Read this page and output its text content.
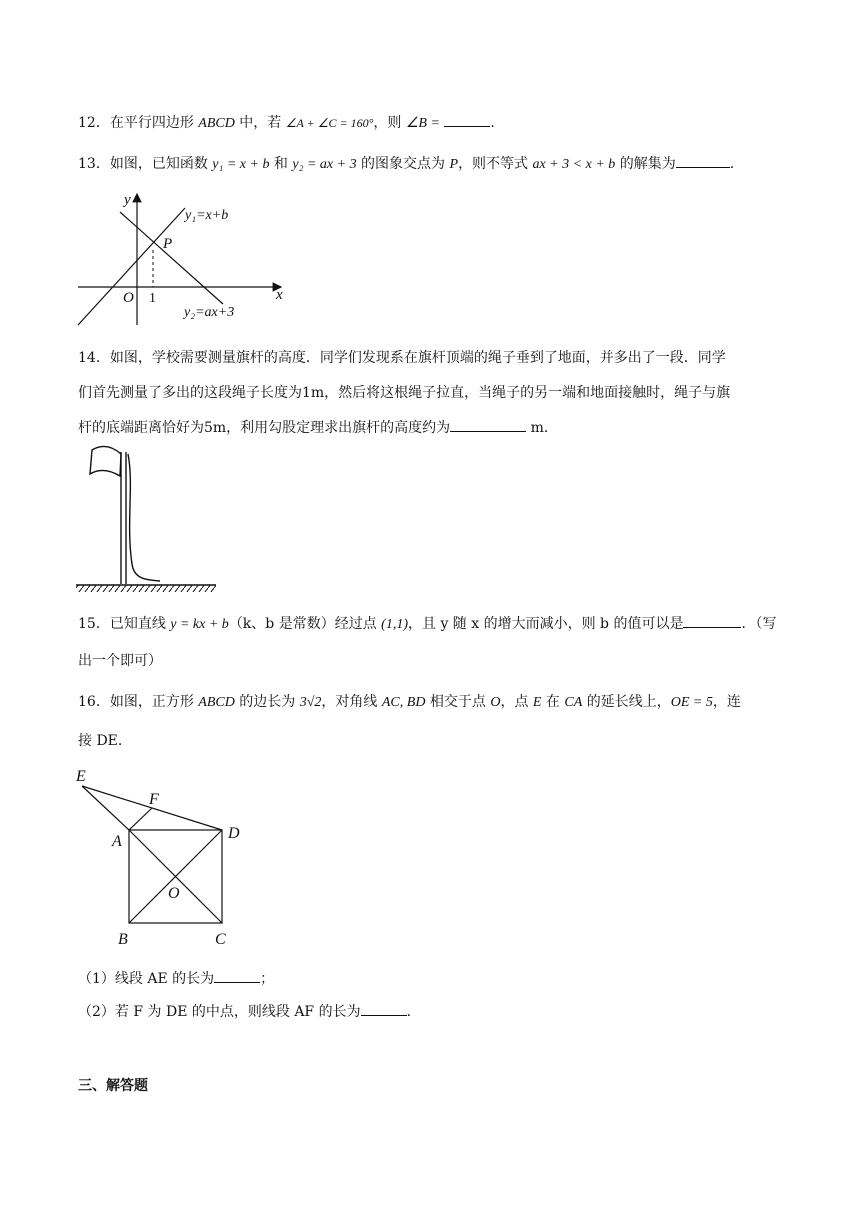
12．在平行四边形 ABCD 中，若 ∠A + ∠C = 160°，则 ∠B =	.
13．如图，已知函数 y₁ = x + b 和 y₂ = ax + 3 的图象交点为 P，则不等式 ax + 3 < x + b 的解集为	.
y
x
O 1
P
y₁=x+b
y₂=ax+3
14．如图，学校需要测量旗杆的高度．同学们发现系在旗杆顶端的绳子垂到了地面，并多出了一段．同学
们首先测量了多出的这段绳子长度为1m，然后将这根绳子拉直，当绳子的另一端和地面接触时，绳子与旗
杆的底端距离恰好为5m，利用勾股定理求出旗杆的高度约为	m．
15．已知直线 y = kx + b（k、b 是常数）经过点 (1,1)，且 y 随 x 的增大而减小，则 b 的值可以是	．（写
出一个即可）
16．如图，正方形 ABCD 的边长为 3√2，对角线 AC, BD 相交于点 O，点 E 在 CA 的延长线上，OE = 5，连
接 DE．
E
F
A	D
O
B	C
（1）线段 AE 的长为	；
（2）若 F 为 DE 的中点，则线段 AF 的长为	.
三、解答题
